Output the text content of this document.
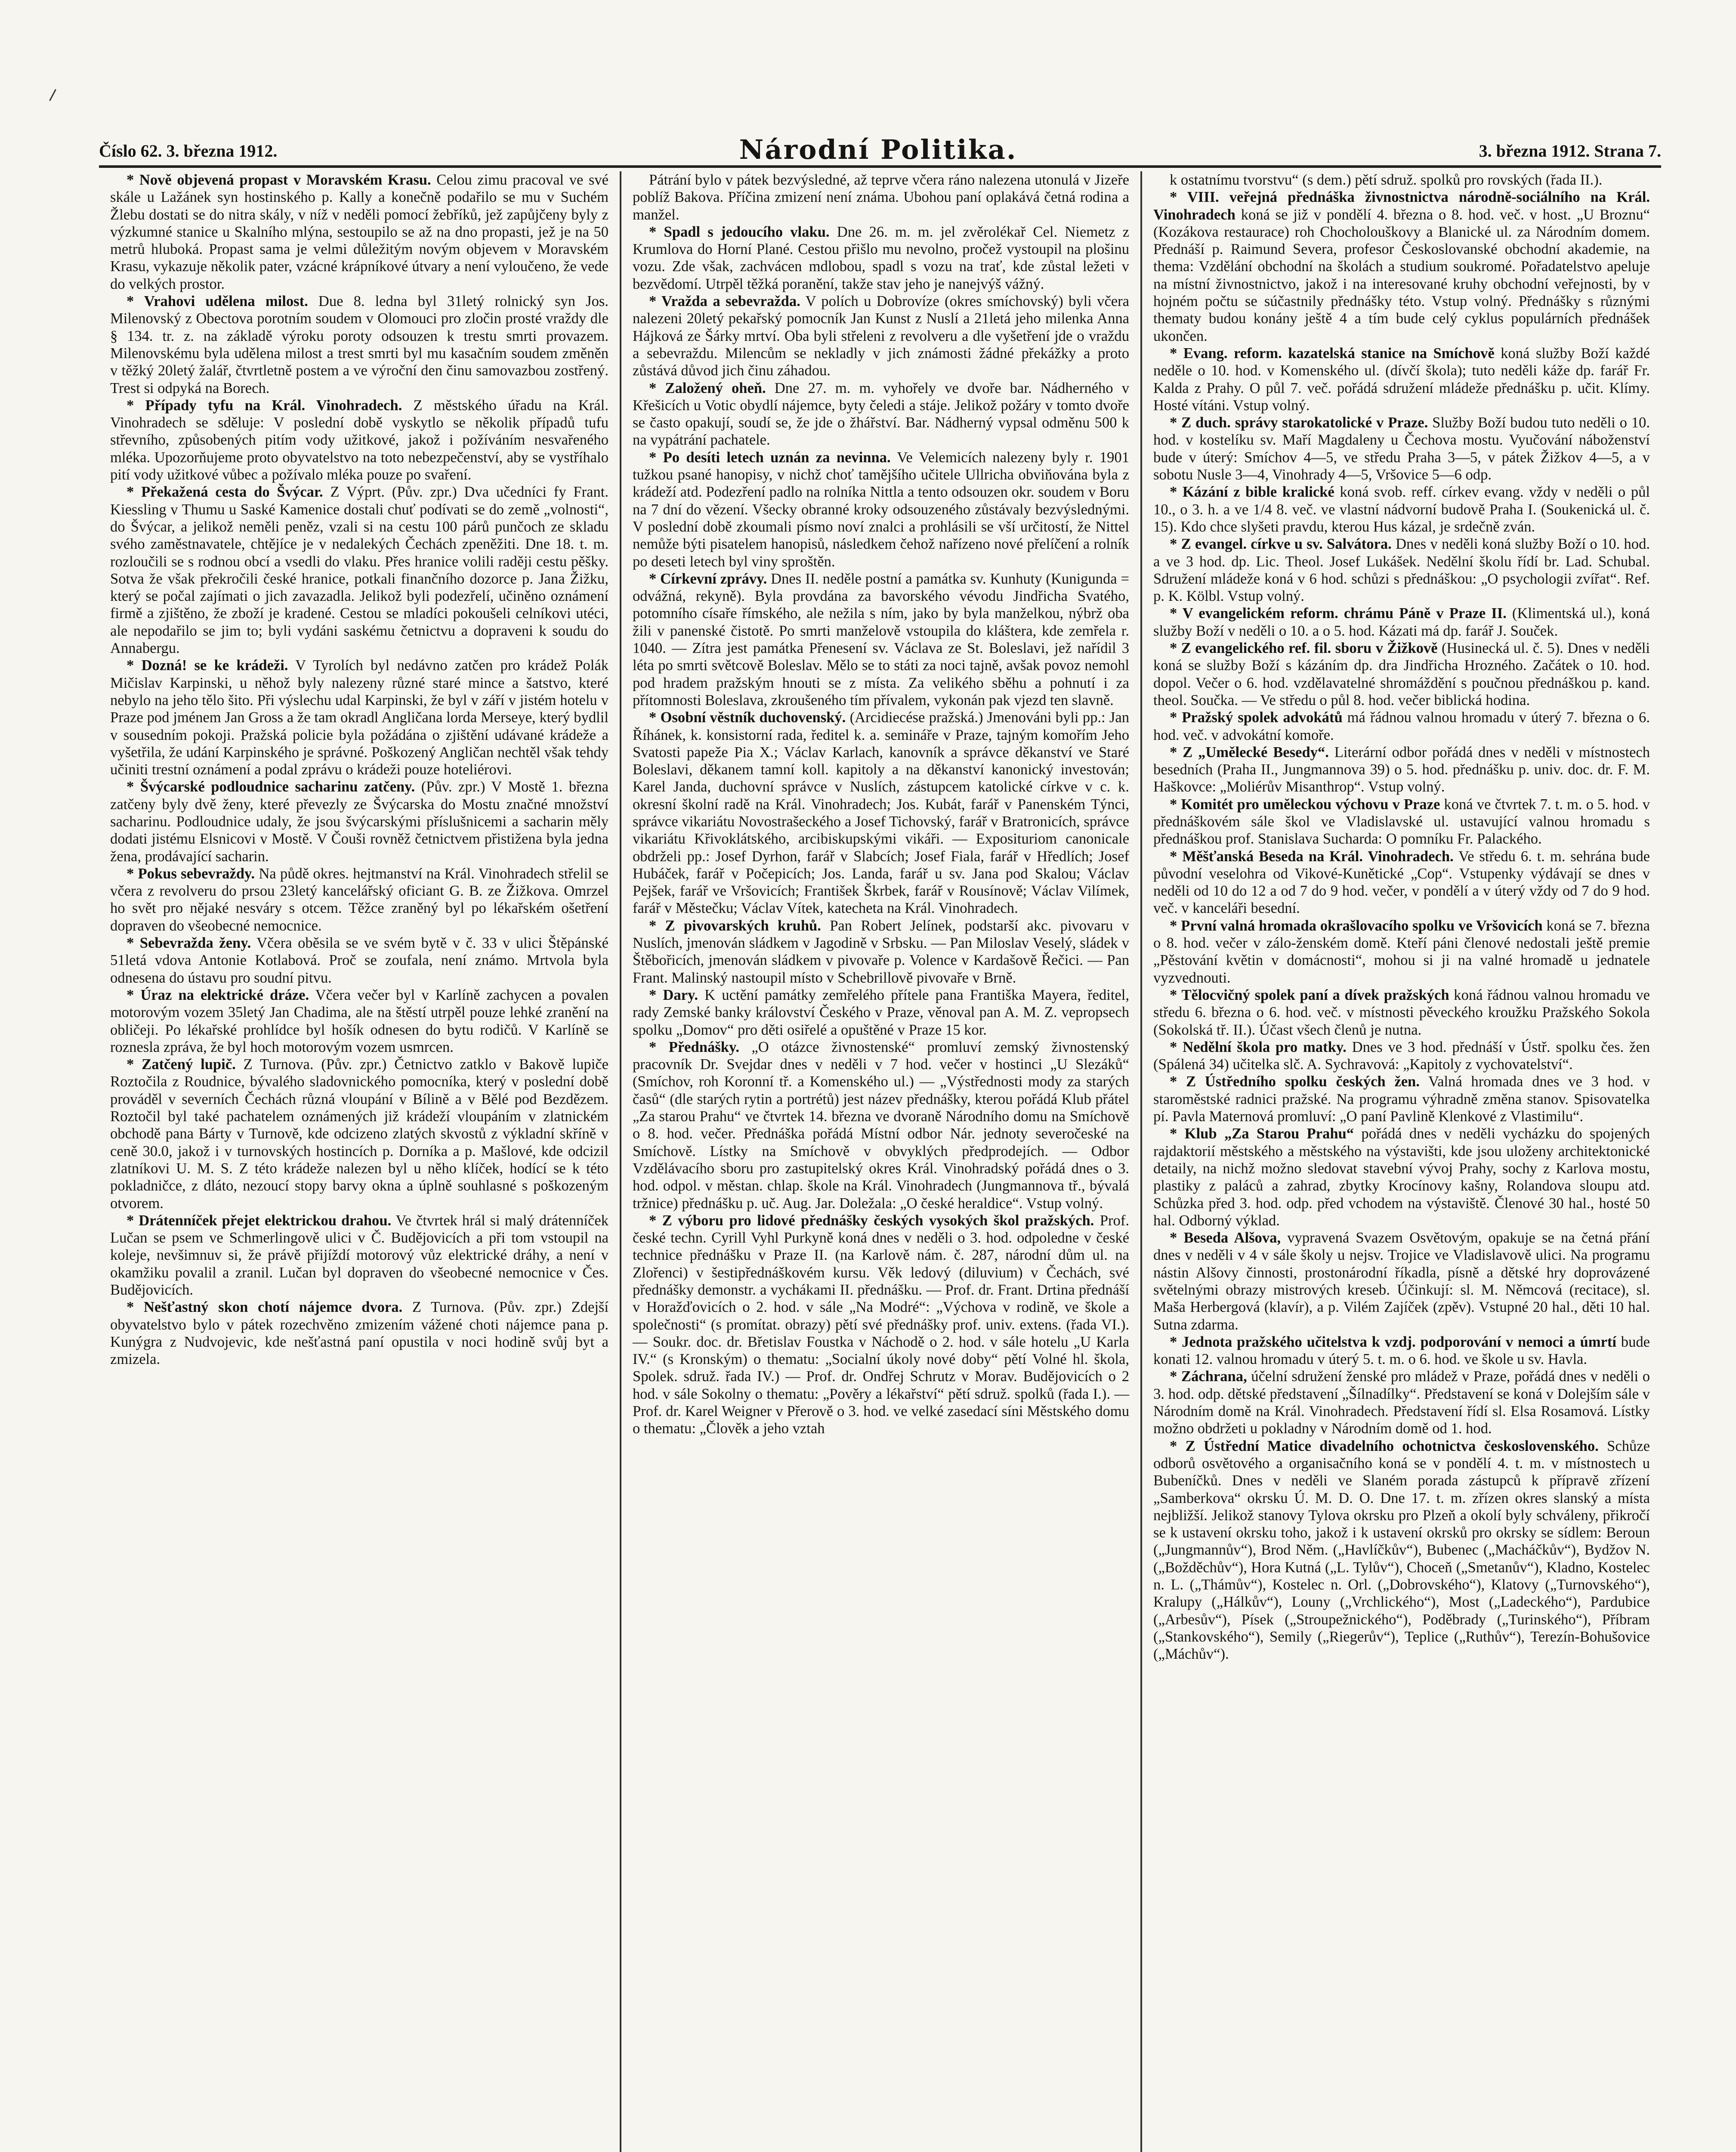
Číslo 62. 3. března 1912.	Národní Politika.	3. března 1912. Strana 7.

* Nově objevená propast v Moravském Krasu. Celou zimu pracoval ve své skále u Lažánek syn hostinského p. Kally a konečně podařilo se mu v Suchém Žlebu dostati se do nitra skály, v níž v neděli pomocí žebříků, jež zapůjčeny byly z výzkumné stanice u Skalního mlýna, sestoupilo se až na dno propasti, jež je na 50 metrů hluboká. Propast sama je velmi důležitým novým objevem v Moravském Krasu, vykazuje několik pater, vzácné krápníkové útvary a není vyloučeno, že vede do velkých prostor.

* Vrahovi udělena milost. Due 8. ledna byl 31letý rolnický syn Jos. Milenovský z Obectova porotním soudem v Olomouci pro zločin prosté vraždy dle § 134. tr. z. na základě výroku poroty odsouzen k trestu smrti provazem. Milenovskému byla udělena milost a trest smrti byl mu kasačním soudem změněn v těžký 20letý žalář, čtvrtletně postem a ve výroční den činu samovazbou zostřený. Trest si odpyká na Borech.

* Případy tyfu na Král. Vinohradech. Z městského úřadu na Král. Vinohradech se sděluje: V poslední době vyskytlo se několik případů tufu střevního, způsobených pitím vody užitkové, jakož i požíváním nesvařeného mléka. Upozorňujeme proto obyvatelstvo na toto nebezpečenství, aby se vystříhalo pití vody užitkové vůbec a požívalo mléka pouze po svaření.

* Překažená cesta do Švýcar. Z Výprt. (Pův. zpr.) Dva učedníci fy Frant. Kiessling v Thumu u Saské Kamenice dostali chuť podívati se do země „volnosti“, do Švýcar, a jelikož neměli peněz, vzali si na cestu 100 párů punčoch ze skladu svého zaměstnavatele, chtějíce je v nedalekých Čechách zpeněžiti. Dne 18. t. m. rozloučili se s rodnou obcí a vsedli do vlaku. Přes hranice volili raději cestu pěšky. Sotva že však překročili české hranice, potkali finančního dozorce p. Jana Žižku, který se počal zajímati o jich zavazadla. Jelikož byli podezřelí, učiněno oznámení firmě a zjištěno, že zboží je kradené. Cestou se mladíci pokoušeli celníkovi utéci, ale nepodařilo se jim to; byli vydáni saskému četnictvu a dopraveni k soudu do Annabergu.

* Dozná! se ke krádeži. V Tyrolích byl nedávno zatčen pro krádež Polák Mičislav Karpinski, u něhož byly nalezeny různé staré mince a šatstvo, které nebylo na jeho tělo šito. Při výslechu udal Karpinski, že byl v září v jistém hotelu v Praze pod jménem Jan Gross a že tam okradl Angličana lorda Merseye, který bydlil v sousedním pokoji. Pražská policie byla požádána o zjištění udávané krádeže a vyšetřila, že udání Karpinského je správné. Poškozený Angličan nechtěl však tehdy učiniti trestní oznámení a podal zprávu o krádeži pouze hoteliérovi.

* Švýcarské podloudnice sacharinu zatčeny. (Pův. zpr.) V Mostě 1. března zatčeny byly dvě ženy, které převezly ze Švýcarska do Mostu značné množství sacharinu. Podloudnice udaly, že jsou švýcarskými příslušnicemi a sacharin měly dodati jistému Elsnicovi v Mostě. V Čouši rovněž četnictvem přistižena byla jedna žena, prodávající sacharin.

* Pokus sebevraždy. Na půdě okres. hejtmanství na Král. Vinohradech střelil se včera z revolveru do prsou 23letý kancelářský oficiant G. B. ze Žižkova. Omrzel ho svět pro nějaké nesváry s otcem. Těžce zraněný byl po lékařském ošetření dopraven do všeobecné nemocnice.

* Sebevražda ženy. Včera oběsila se ve svém bytě v č. 33 v ulici Štěpánské 51letá vdova Antonie Kotlabová. Proč se zoufala, není známo. Mrtvola byla odnesena do ústavu pro soudní pitvu.

* Úraz na elektrické dráze. Včera večer byl v Karlíně zachycen a povalen motorovým vozem 35letý Jan Chadima, ale na štěstí utrpěl pouze lehké zranění na obličeji. Po lékařské prohlídce byl hošík odnesen do bytu rodičů. V Karlíně se roznesla zpráva, že byl hoch motorovým vozem usmrcen.

* Zatčený lupič. Z Turnova. (Pův. zpr.) Četnictvo zatklo v Bakově lupiče Roztočila z Roudnice, bývalého sladovnického pomocníka, který v poslední době prováděl v severních Čechách různá vloupání v Bílině a v Bělé pod Bezdězem. Roztočil byl také pachatelem oznámených již krádeží vloupáním v zlatnickém obchodě pana Bárty v Turnově, kde odcizeno zlatých skvostů z výkladní skříně v ceně 30.0, jakož i v turnovských hostincích p. Dorníka a p. Mašlové, kde odcizil zlatníkovi U. M. S. Z této krádeže nalezen byl u něho klíček, hodící se k této pokladničce, z dláto, nezoucí stopy barvy okna a úplně souhlasné s poškozeným otvorem.

* Drátenníček přejet elektrickou drahou. Ve čtvrtek hrál si malý drátenníček Lučan se psem ve Schmerlingově ulici v Č. Budějovicích a při tom vstoupil na koleje, nevšimnuv si, že právě přijíždí motorový vůz elektrické dráhy, a není v okamžiku povalil a zranil. Lučan byl dopraven do všeobecné nemocnice v Čes. Budějovicích.

* Nešťastný skon chotí nájemce dvora. Z Turnova. (Pův. zpr.) Zdejší obyvatelstvo bylo v pátek rozechvěno zmizením vážené choti nájemce pana p. Kunýgra z Nudvojevic, kde nešťastná paní opustila v noci hodině svůj byt a zmizela.

Pátrání bylo v pátek bezvýsledné, až teprve včera ráno nalezena utonulá v Jizeře poblíž Bakova. Příčina zmizení není známa. Ubohou paní oplakává četná rodina a manžel.

* Spadl s jedoucího vlaku. Dne 26. m. m. jel zvěrolékař Cel. Niemetz z Krumlova do Horní Plané. Cestou přišlo mu nevolno, pročež vystoupil na plošinu vozu. Zde však, zachvácen mdlobou, spadl s vozu na trať, kde zůstal ležeti v bezvědomí. Utrpěl těžká poranění, takže stav jeho je nanejvýš vážný.

* Vražda a sebevražda. V polích u Dobrovíze (okres smíchovský) byli včera nalezeni 20letý pekařský pomocník Jan Kunst z Nuslí a 21letá jeho milenka Anna Hájková ze Šárky mrtví. Oba byli střeleni z revolveru a dle vyšetření jde o vraždu a sebevraždu. Milencům se nekladly v jich známosti žádné překážky a proto zůstává důvod jich činu záhadou.

* Založený oheň. Dne 27. m. m. vyhořely ve dvoře bar. Nádherného v Křešicích u Votic obydlí nájemce, byty čeledi a stáje. Jelikož požáry v tomto dvoře se často opakují, soudí se, že jde o žhářství. Bar. Nádherný vypsal odměnu 500 k na vypátrání pachatele.

* Po desíti letech uznán za nevinna. Ve Velemicích nalezeny byly r. 1901 tužkou psané hanopisy, v nichž choť tamějšího učitele Ullricha obviňována byla z krádeží atd. Podezření padlo na rolníka Nittla a tento odsouzen okr. soudem v Boru na 7 dní do vězení. Všecky obranné kroky odsouzeného zůstávaly bezvýslednými. V poslední době zkoumali písmo noví znalci a prohlásili se vší určitostí, že Nittel nemůže býti pisatelem hanopisů, následkem čehož nařízeno nové přelíčení a rolník po deseti letech byl viny sproštěn.

* Církevní zprávy. Dnes II. neděle postní a památka sv. Kunhuty (Kunigunda = odvážná, rekyně). Byla provdána za bavorského vévodu Jindřicha Svatého, potomního císaře římského, ale nežila s ním, jako by byla manželkou, nýbrž oba žili v panenské čistotě. Po smrti manželově vstoupila do kláštera, kde zemřela r. 1040. — Zítra jest památka Přenesení sv. Václava ze St. Boleslavi, jež nařídil 3 léta po smrti světcově Boleslav. Mělo se to státi za noci tajně, avšak povoz nemohl pod hradem pražským hnouti se z místa. Za velikého sběhu a pohnutí i za přítomnosti Boleslava, zkroušeného tím přívalem, vykonán pak vjezd ten slavně.

* Osobní věstník duchovenský. (Arcidiecése pražská.) Jmenováni byli pp.: Jan Říhánek, k. konsistorní rada, ředitel k. a. semináře v Praze, tajným komořím Jeho Svatosti papeže Pia X.; Václav Karlach, kanovník a správce děkanství ve Staré Boleslavi, děkanem tamní koll. kapitoly a na děkanství kanonický investován; Karel Janda, duchovní správce v Nuslích, zástupcem katolické církve v c. k. okresní školní radě na Král. Vinohradech; Jos. Kubát, farář v Panenském Týnci, správce vikariátu Novostrašeckého a Josef Tichovský, farář v Bratronicích, správce vikariátu Křivoklátského, arcibiskupskými vikáři. — Exposituriom canonicale obdrželi pp.: Josef Dyrhon, farář v Slabcích; Josef Fiala, farář v Hředlích; Josef Hubáček, farář v Počepicích; Jos. Landa, farář u sv. Jana pod Skalou; Václav Pejšek, farář ve Vršovicích; František Škrbek, farář v Rousínově; Václav Vilímek, farář v Městečku; Václav Vítek, katecheta na Král. Vinohradech.

* Z pivovarských kruhů. Pan Robert Jelínek, podstarší akc. pivovaru v Nuslích, jmenován sládkem v Jagodině v Srbsku. — Pan Miloslav Veselý, sládek v Štěbořicích, jmenován sládkem v pivovaře p. Volence v Kardašově Řečici. — Pan Frant. Malinský nastoupil místo v Schebrillově pivovaře v Brně.

* Dary. K uctění památky zemřelého přítele pana Františka Mayera, ředitel, rady Zemské banky království Českého v Praze, věnoval pan A. M. Z. vepropsech spolku „Domov“ pro děti osiřelé a opuštěné v Praze 15 kor.

* Přednášky. „O otázce živnostenské“ promluví zemský živnostenský pracovník Dr. Svejdar dnes v neděli v 7 hod. večer v hostinci „U Slezáků“ (Smíchov, roh Koronní tř. a Komenského ul.) — „Výstřednosti mody za starých časů“ (dle starých rytin a portrétů) jest název přednášky, kterou pořádá Klub přátel „Za starou Prahu“ ve čtvrtek 14. března ve dvoraně Národního domu na Smíchově o 8. hod. večer. Přednáška pořádá Místní odbor Nár. jednoty severočeské na Smíchově. Lístky na Smíchově v obvyklých předprodejích. — Odbor Vzdělávacího sboru pro zastupitelský okres Král. Vinohradský pořádá dnes o 3. hod. odpol. v městan. chlap. škole na Král. Vinohradech (Jungmannova tř., bývalá tržnice) přednášku p. uč. Aug. Jar. Doležala: „O české heraldice“. Vstup volný.

* Z výboru pro lidové přednášky českých vysokých škol pražských. Prof. české techn. Cyrill Vyhl Purkyně koná dnes v neděli o 3. hod. odpoledne v české technice přednášku v Praze II. (na Karlově nám. č. 287, národní dům ul. na Zlořenci) v šestipřednáškovém kursu. Věk ledový (diluvium) v Čechách, své přednášky demonstr. a vychákami II. přednášku. — Prof. dr. Frant. Drtina přednáší v Horažďovicích o 2. hod. v sále „Na Modré“: „Výchova v rodině, ve škole a společnosti“ (s promítat. obrazy) pětí své přednášky prof. univ. extens. (řada VI.). — Soukr. doc. dr. Břetislav Foustka v Náchodě o 2. hod. v sále hotelu „U Karla IV.“ (s Kronským) o thematu: „Socialní úkoly nové doby“ pětí Volné hl. škola, Spolek. sdruž. řada IV.) — Prof. dr. Ondřej Schrutz v Morav. Budějovicích o 2 hod. v sále Sokolny o thematu: „Pověry a lékařství“ pětí sdruž. spolků (řada I.). — Prof. dr. Karel Weigner v Přerově o 3. hod. ve velké zasedací síni Městského domu o thematu: „Člověk a jeho vztah

k ostatnímu tvorstvu“ (s dem.) pětí sdruž. spolků pro rovských (řada II.).

* VIII. veřejná přednáška živnostnictva národně-sociálního na Král. Vinohradech koná se již v pondělí 4. března o 8. hod. več. v host. „U Broznu“ (Kozákova restaurace) roh Chocholouškovy a Blanické ul. za Národním domem. Přednáší p. Raimund Severa, profesor Českoslovanské obchodní akademie, na thema: Vzdělání obchodní na školách a studium soukromé. Pořadatelstvo apeluje na místní živnostnictvo, jakož i na interesované kruhy obchodní veřejnosti, by v hojném počtu se súčastnily přednášky této. Vstup volný. Přednášky s různými thematy budou konány ještě 4 a tím bude celý cyklus populárních přednášek ukončen.

* Evang. reform. kazatelská stanice na Smíchově koná služby Boží každé neděle o 10. hod. v Komenského ul. (dívčí škola); tuto neděli káže dp. farář Fr. Kalda z Prahy. O půl 7. več. pořádá sdružení mládeže přednášku p. učit. Klímy. Hosté vítáni. Vstup volný.

* Z duch. správy starokatolické v Praze. Služby Boží budou tuto neděli o 10. hod. v kostelíku sv. Maří Magdaleny u Čechova mostu. Vyučování náboženství bude v úterý: Smíchov 4—5, ve středu Praha 3—5, v pátek Žižkov 4—5, a v sobotu Nusle 3—4, Vinohrady 4—5, Vršovice 5—6 odp.

* Kázání z bible kralické koná svob. reff. církev evang. vždy v neděli o půl 10., o 3. h. a ve 1/4 8. več. ve vlastní nádvorní budově Praha I. (Soukenická ul. č. 15). Kdo chce slyšeti pravdu, kterou Hus kázal, je srdečně zván.

* Z evangel. církve u sv. Salvátora. Dnes v neděli koná služby Boží o 10. hod. a ve 3 hod. dp. Lic. Theol. Josef Lukášek. Nedělní školu řídí br. Lad. Schubal. Sdružení mládeže koná v 6 hod. schůzi s přednáškou: „O psychologii zvířat“. Ref. p. K. Kölbl. Vstup volný.

* V evangelickém reform. chrámu Páně v Praze II. (Klimentská ul.), koná služby Boží v neděli o 10. a o 5. hod. Kázati má dp. farář J. Souček.

* Z evangelického ref. fil. sboru v Žižkově (Husinecká ul. č. 5). Dnes v neděli koná se služby Boží s kázáním dp. dra Jindřicha Hrozného. Začátek o 10. hod. dopol. Večer o 6. hod. vzdělavatelné shromáždění s poučnou přednáškou p. kand. theol. Součka. — Ve středu o půl 8. hod. večer biblická hodina.

* Pražský spolek advokátů má řádnou valnou hromadu v úterý 7. března o 6. hod. več. v advokátní komoře.

* Z „Umělecké Besedy“. Literární odbor pořádá dnes v neděli v místnostech besedních (Praha II., Jungmannova 39) o 5. hod. přednášku p. univ. doc. dr. F. M. Haškovce: „Moliérův Misanthrop“. Vstup volný.

* Komitét pro uměleckou výchovu v Praze koná ve čtvrtek 7. t. m. o 5. hod. v přednáškovém sále škol ve Vladislavské ul. ustavující valnou hromadu s přednáškou prof. Stanislava Sucharda: O pomníku Fr. Palackého.

* Měšťanská Beseda na Král. Vinohradech. Ve středu 6. t. m. sehrána bude původní veselohra od Vikové-Kunětické „Cop“. Vstupenky výdávají se dnes v neděli od 10 do 12 a od 7 do 9 hod. večer, v pondělí a v úterý vždy od 7 do 9 hod. več. v kanceláři besední.

* První valná hromada okrašlovacího spolku ve Vršovicích koná se 7. března o 8. hod. večer v zálo-ženském domě. Kteří páni členové nedostali ještě premie „Pěstování květin v domácnosti“, mohou si ji na valné hromadě u jednatele vyzvednouti.

* Tělocvičný spolek paní a dívek pražských koná řádnou valnou hromadu ve středu 6. března o 6. hod. več. v místnosti pěveckého kroužku Pražského Sokola (Sokolská tř. II.). Účast všech členů je nutna.

* Nedělní škola pro matky. Dnes ve 3 hod. přednáší v Ústř. spolku čes. žen (Spálená 34) učitelka slč. A. Sychravová: „Kapitoly z vychovatelství“.

* Z Ústředního spolku českých žen. Valná hromada dnes ve 3 hod. v staroměstské radnici pražské. Na programu výhradně změna stanov. Spisovatelka pí. Pavla Maternová promluví: „O paní Pavlině Klenkové z Vlastimilu“.

* Klub „Za Starou Prahu“ pořádá dnes v neděli vycházku do spojených rajdaktorií městského a městského na výstavišti, kde jsou uloženy architektonické detaily, na nichž možno sledovat stavební vývoj Prahy, sochy z Karlova mostu, plastiky z paláců a zahrad, zbytky Krocínovy kašny, Rolandova sloupu atd. Schůzka před 3. hod. odp. před vchodem na výstaviště. Členové 30 hal., hosté 50 hal. Odborný výklad.

* Beseda Alšova, vypravená Svazem Osvětovým, opakuje se na četná přání dnes v neděli v 4 v sále školy u nejsv. Trojice ve Vladislavově ulici. Na programu nástin Alšovy činnosti, prostonárodní říkadla, písně a dětské hry doprovázené světelnými obrazy mistrových kreseb. Účinkují: sl. M. Němcová (recitace), sl. Maša Herbergová (klavír), a p. Vilém Zajíček (zpěv). Vstupné 20 hal., děti 10 hal. Sutna zdarma.

* Jednota pražského učitelstva k vzdj. podporování v nemoci a úmrtí bude konati 12. valnou hromadu v úterý 5. t. m. o 6. hod. ve škole u sv. Havla.

* Záchrana, účelní sdružení ženské pro mládež v Praze, pořádá dnes v neděli o 3. hod. odp. dětské představení „Šílnadílky“. Představení se koná v Dolejším sále v Národním domě na Král. Vinohradech. Představení řídí sl. Elsa Rosamová. Lístky možno obdržeti u pokladny v Národním domě od 1. hod.

* Z Ústřední Matice divadelního ochotnictva československého. Schůze odborů osvětového a organisačního koná se v pondělí 4. t. m. v místnostech u Bubeníčků. Dnes v neděli ve Slaném porada zástupců k přípravě zřízení „Samberkova“ okrsku Ú. M. D. O. Dne 17. t. m. zřízen okres slanský a místa nejbližší. Jelikož stanovy Tylova okrsku pro Plzeň a okolí byly schváleny, přikročí se k ustavení okrsku toho, jakož i k ustavení okrsků pro okrsky se sídlem: Beroun („Jungmannův“), Brod Něm. („Havlíčkův“), Bubenec („Macháčkův“), Bydžov N. („Božděchův“), Hora Kutná („L. Tylův“), Choceň („Smetanův“), Kladno, Kostelec n. L. („Thámův“), Kostelec n. Orl. („Dobrovského“), Klatovy („Turnovského“), Kralupy („Hálkův“), Louny („Vrchlického“), Most („Ladeckého“), Pardubice („Arbesův“), Písek („Stroupežnického“), Poděbrady („Turinského“), Příbram („Stankovského“), Semily („Riegerův“), Teplice („Ruthův“), Terezín-Bohušovice („Máchův“).
